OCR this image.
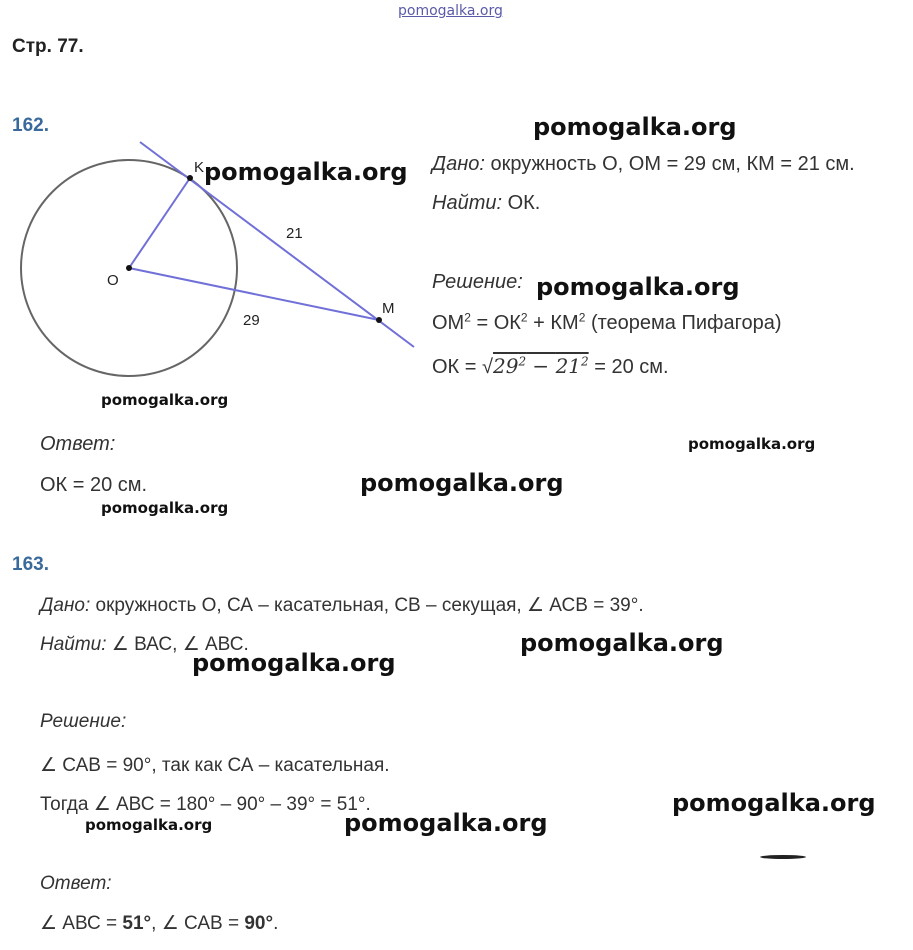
pomogalka.org
Стр. 77.
162.
K
O
M
21
29
Дано: окружность О, ОМ = 29 см, КМ = 21 см.
Найти: ОК.
Решение:
$ОМ^2 = ОК^2 + КМ^2$ (теорема Пифагора)
ОК = $√29^2 - 21^2 = 20$ см.
Ответ:
ОК = 20 см.
163.
Дано: окружность О, СА – касательная, СВ – секущая, ∠ АСВ = 39°.
Найти: ∠ ВАС, ∠ АВС.
Решение:
∠ САВ = 90°, так как СА – касательная.
Тогда ∠ АВС = 180° – 90° – 39° = 51°.
Ответ:
∠ АВС = 51°, ∠ САВ = 90°.
pomogalka.org
pomogalka.org
pomogalka.org
pomogalka.org
pomogalka.org
pomogalka.org
pomogalka.org
pomogalka.org
pomogalka.org
pomogalka.org
pomogalka.org	pomogalka.org
